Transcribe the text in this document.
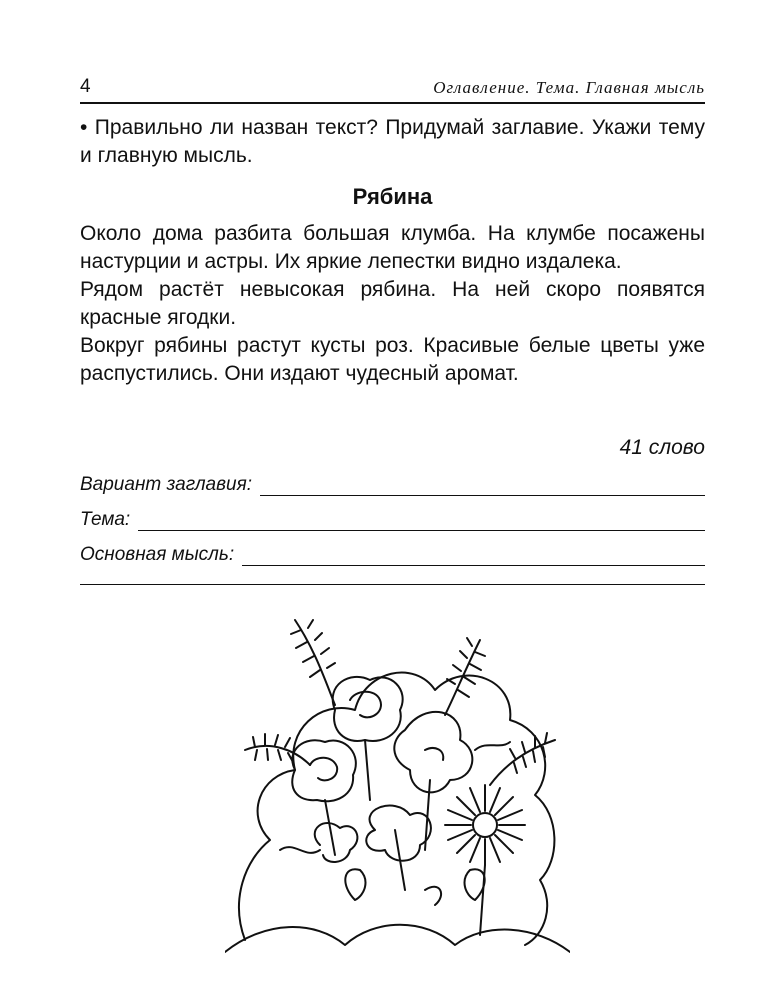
4	Оглавление. Тема. Главная мысль
• Правильно ли назван текст? Придумай заглавие. Укажи тему и главную мысль.
Рябина

Около дома разбита большая клумба. На клумбе посажены настурции и астры. Их яркие лепестки видно издалека.

Рядом растёт невысокая рябина. На ней скоро появятся красные ягодки.

Вокруг рябины растут кусты роз. Красивые белые цветы уже распустились. Они издают чудесный аромат.

41 слово
Вариант заглавия:
Тема:
Основная мысль:
